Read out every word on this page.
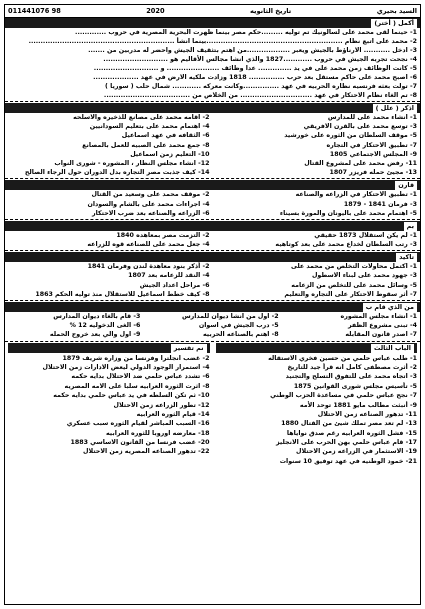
السيد بحيري
تاريخ الثانويه
2020
011441076 98
أكمل ( أختر)
1- حينما لقى محمد على لسالونيك تم توليه .........حكم مصر بينما ظهرت البحرية المصرية في حروب .............
2- محمد على اتبع نظام .........................................................بينما انشأ .............................................................
3- ادخل ........... الارناؤط بالجيش ويعبر ..................من اهتم بتثقيف الجيش واحضر له مدربين من .......
4- نجحت تجربه الجيش في حروب ............1827 والذي انشا مجالس الأقاليم هو ...........................
5- كانت الوظائف زمن محمد على في يد .............. عدا وظائف ...................... و ...........................
6- اصبح محمد على حاكم مستقل بعد حرب ............... 1818 وزادت ملكيه الارض في عهد ...................
7- تولت بعثه فرنسيه نظاره الحربيه في عهد ...............وكانت معركه ............ شمال حلب ( سوريا )
8- تم الغاء نظام الاحتكار في عهد .............................. من الخلاص من ....................................
اذكر ( علل )
1- انشاء محمد على للمدارس
2- اقامه محمد على مصانع للذخيره والاسلحه
3- توسع محمد على بالقرن الافريقي
4- اهتمام محمد على بتعليم السودانيين
5- موقف السلطان من الثوره على خورشيد
6- الثقافه في عهد اسماعيل
7- تطبيق الاحتكار في التجاره
8- جمع محمد على الصبيه للعمل بالمصانع
9- المجلس الاجتماعي 1805
10- التعليم زمن اسماعيل
11- رفض محمد على لمشروع القتال
12- انشاء مجلس النظار ، المشوره - شورى النواب
13- مجيئ حمله فريزر 1807
14- كيف جذبت مصر التجاره بدل الدوران حول الرجاء الصالح
قارن
1- تطبيق الاحتكار في الزراعه والصناعه
2- موقف محمد على وسعيد من القتال
3- فرمان 1841 - 1879
4- اجراءات محمد على بالشام والسودان
5- اهتمام محمد على باليونان والمورة بسيناء
6- الزراعه والصناعه بعد ضرب الاحتكار
بم
1- لم يكن استقلال 1873 حقيقي
2- التزمت مصر بمعاهده 1840
3- رتب السلطان لخداع محمد على بعد كوتاهيه
4- جعل محمد على للصناعه قوه للزراعه
تاكيد
1- اكتمل محاولات التخلص من محمد على
2- أذكر بنود معاهدة لندن وفرمان 1841
3- جهود محمد على لبناء الاسطول
4- النقد للزعامه بعد 1807
5- وسائل محمد على للتخلص من الزعامه
6- مراحل اعداد الجيش
7- أثر سقوط الاحتكار على التجاره والتعليم
8- كيف خطط اسماعيل للاستقلال منذ توليه الحكم 1863
من الذي قام ب
1- انشاء مجلس المشوره
2- اول من انشا ديوان للمدارس
3- قام بالغاء ديوان المدارس
4- تبنى مشروع الظفر
5- درب الجيش في اسوان
6- الغى الدخوليه 12 %
7- اصدر قانون المقابله
8- اهتم بالصناعه الحربيه
9- اول والي بعد خروج الحمله
الباب الثالث
1- طلب عباس حلمي من حسين فخري الاستقاله
2- أثرت مصطفى كامل انه قرأ جيد للتاريخ
3- اتجاه محمد على للتفوق التسلح والتجنيد
5- تأسيس مجلس شورى القوانين 1875
7- نجح عباس حلمي في مساعدة الحزب الوطني
9- أنبثت مطالب مايو 1881 توحد الأمه
11- تدهور الصناعه زمن الاحتلال
13- لم تعد مصر تملك شيئ من القتال 1880
15- فشل الثوره العرابيه رغم صدق نواياها
17- قام عباس حلمي بهن الحرب على الانجليز
19- الاستثمار في الزراعه زمن الاحتلال
21- خمود الوطنيه في عهد توفيق 10 سنوات
نم تقسير
2- غضب انجلترا وفرنسا من وزاره شريف 1879
4- استمرار الوجود الدولي ليعض الادارات زمن الاحتلال
6- تشدد عباس حلمي ضد الاحتلال بدايه حكمه
8- اثرت الثوره العرابيه سلبا على الامه المصريه
10- ثم تكن السلطه في يد عباس حلمي بدايه حكمه
12- تطور الزراعه زمن الاحتلال
14- قيام الثوره العرابيه
16- السبب المباشر لقيام الثوره سبب عسكري
18- معارضه اوروبا للثوره العرابيه
20- غضب فرنسا من القانون الاساسي 1883
22- تدهور الصناعه المصريه زمن الاحتلال
